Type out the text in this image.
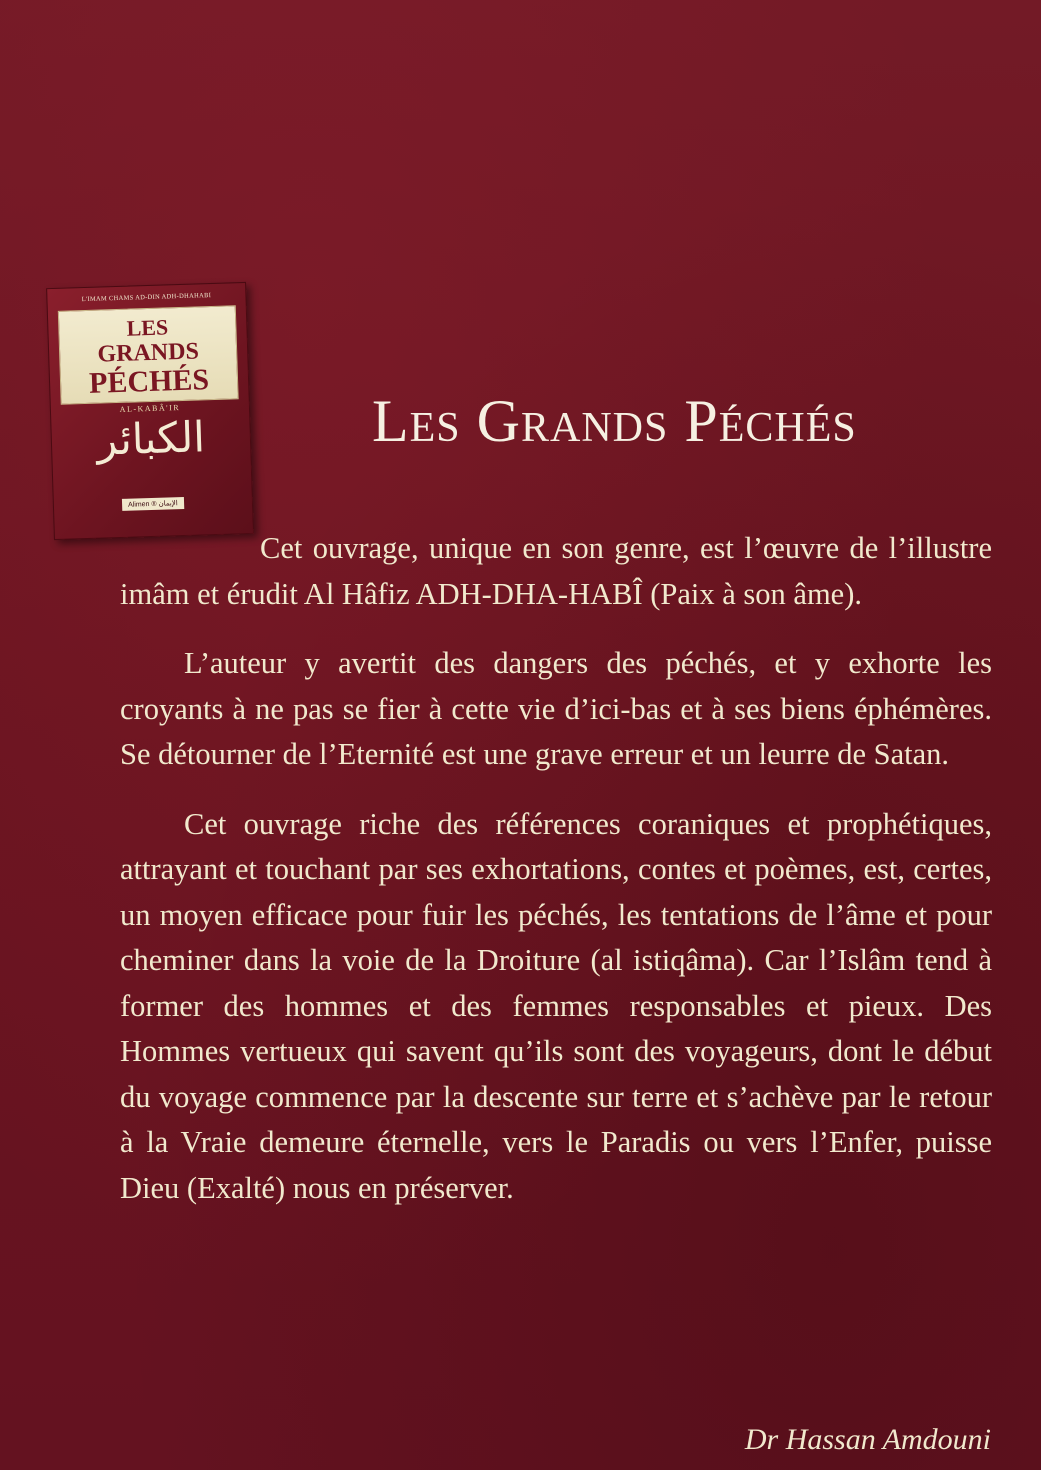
L'IMAM CHAMS AD-DIN ADH-DHAHABI
LES
GRANDS
PÉCHÉS
AL-KABÂ'IR
الكبائر
Alimen ® الإيمان
Les Grands Péchés

Cet ouvrage, unique en son genre, est l’œuvre de l’illustre imâm et érudit Al Hâfiz ADH-DHA-HABÎ (Paix à son âme).

L’auteur y avertit des dangers des péchés, et y exhorte les croyants à ne pas se fier à cette vie d’ici-bas et à ses biens éphémères. Se détourner de l’Eternité est une grave erreur et un leurre de Satan.

Cet ouvrage riche des références coraniques et prophétiques, attrayant et touchant par ses exhortations, contes et poèmes, est, certes, un moyen efficace pour fuir les péchés, les tentations de l’âme et pour cheminer dans la voie de la Droiture (al istiqâma). Car l’Islâm tend à former des hommes et des femmes responsables et pieux. Des Hommes vertueux qui savent qu’ils sont des voyageurs, dont le début du voyage commence par la descente sur terre et s’achève par le retour à la Vraie demeure éternelle, vers le Paradis ou vers l’Enfer, puisse Dieu (Exalté) nous en préserver.

Dr Hassan Amdouni
